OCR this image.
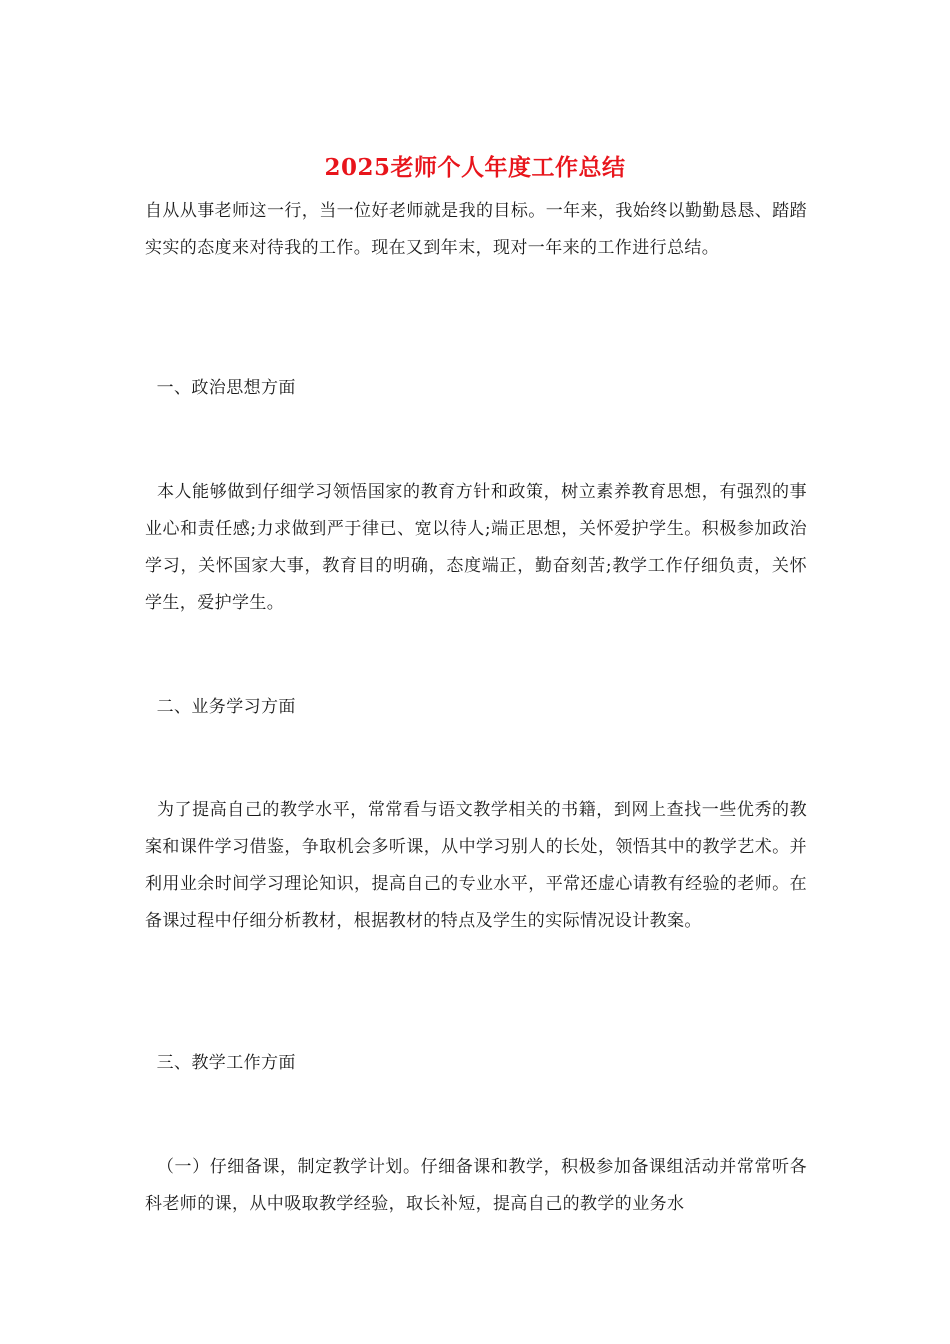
2025老师个人年度工作总结

自从从事老师这一行，当一位好老师就是我的目标。一年来，我始终以勤勤恳恳、踏踏实实的态度来对待我的工作。现在又到年末，现对一年来的工作进行总结。

一、政治思想方面

本人能够做到仔细学习领悟国家的教育方针和政策，树立素养教育思想，有强烈的事业心和责任感;力求做到严于律已、宽以待人;端正思想，关怀爱护学生。积极参加政治学习，关怀国家大事，教育目的明确，态度端正，勤奋刻苦;教学工作仔细负责，关怀学生，爱护学生。

二、业务学习方面

为了提高自己的教学水平，常常看与语文教学相关的书籍，到网上查找一些优秀的教案和课件学习借鉴，争取机会多听课，从中学习别人的长处，领悟其中的教学艺术。并利用业余时间学习理论知识，提高自己的专业水平，平常还虚心请教有经验的老师。在备课过程中仔细分析教材，根据教材的特点及学生的实际情况设计教案。

三、教学工作方面

（一）仔细备课，制定教学计划。仔细备课和教学，积极参加备课组活动并常常听各科老师的课，从中吸取教学经验，取长补短，提高自己的教学的业务水
